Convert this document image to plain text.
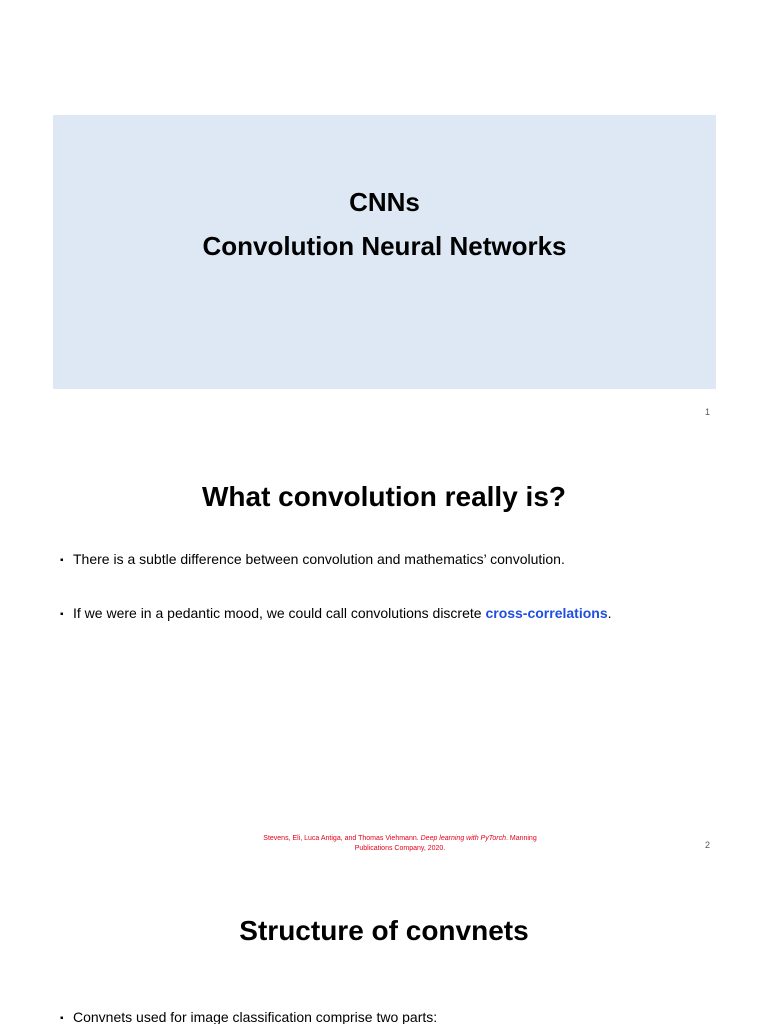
CNNs
Convolution Neural Networks
1
What convolution really is?
▪ There is a subtle difference between convolution and mathematics’ convolution.
▪ If we were in a pedantic mood, we could call convolutions discrete cross-correlations.
Stevens, Eli, Luca Antiga, and Thomas Viehmann. Deep learning with PyTorch. Manning Publications Company, 2020.	2
Structure of convnets
▪ Convnets used for image classification comprise two parts:
